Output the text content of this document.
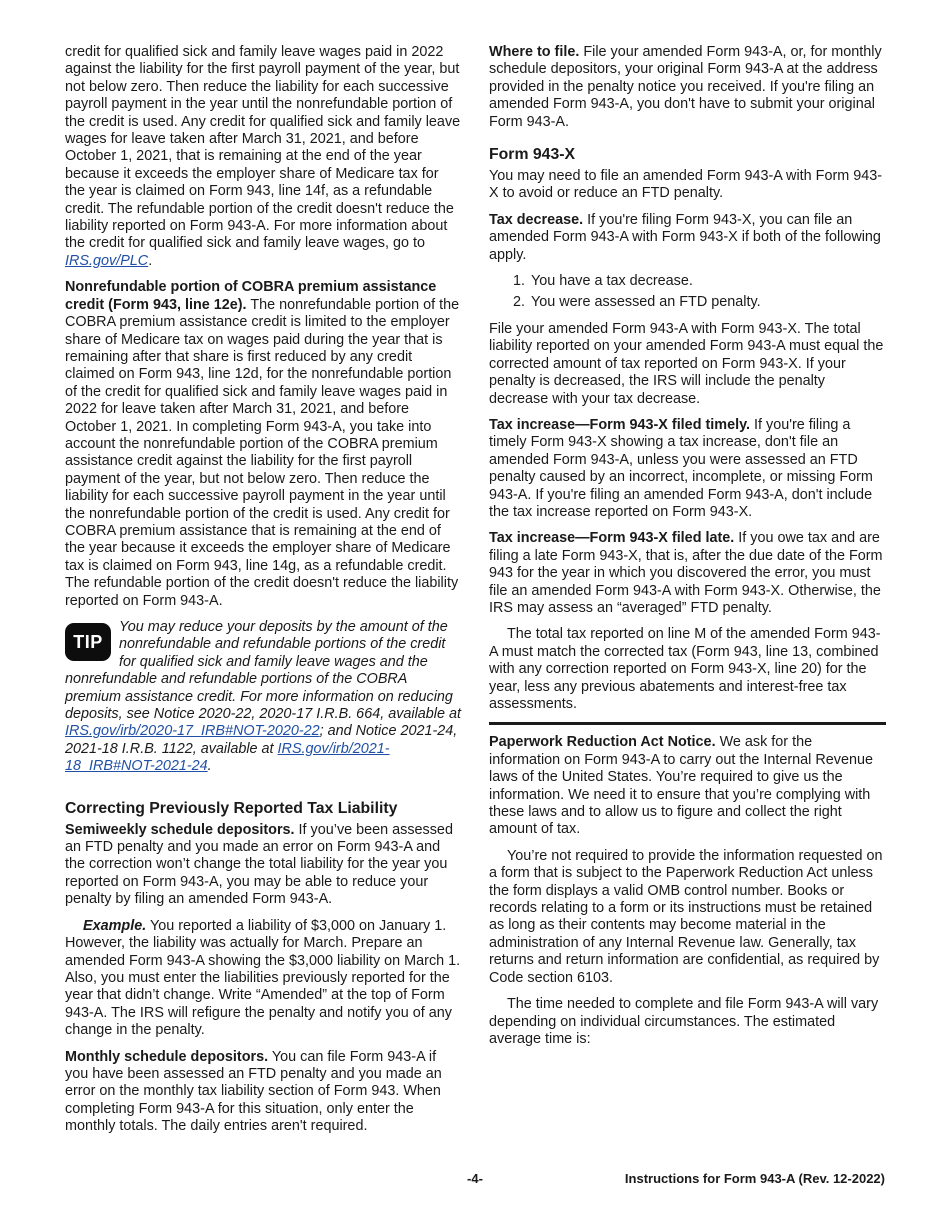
credit for qualified sick and family leave wages paid in 2022 against the liability for the first payroll payment of the year, but not below zero. Then reduce the liability for each successive payroll payment in the year until the nonrefundable portion of the credit is used. Any credit for qualified sick and family leave wages for leave taken after March 31, 2021, and before October 1, 2021, that is remaining at the end of the year because it exceeds the employer share of Medicare tax for the year is claimed on Form 943, line 14f, as a refundable credit. The refundable portion of the credit doesn't reduce the liability reported on Form 943-A. For more information about the credit for qualified sick and family leave wages, go to IRS.gov/PLC.

Nonrefundable portion of COBRA premium assistance credit (Form 943, line 12e). The nonrefundable portion of the COBRA premium assistance credit is limited to the employer share of Medicare tax on wages paid during the year that is remaining after that share is first reduced by any credit claimed on Form 943, line 12d, for the nonrefundable portion of the credit for qualified sick and family leave wages paid in 2022 for leave taken after March 31, 2021, and before October 1, 2021. In completing Form 943-A, you take into account the nonrefundable portion of the COBRA premium assistance credit against the liability for the first payroll payment of the year, but not below zero. Then reduce the liability for each successive payroll payment in the year until the nonrefundable portion of the credit is used. Any credit for COBRA premium assistance that is remaining at the end of the year because it exceeds the employer share of Medicare tax is claimed on Form 943, line 14g, as a refundable credit. The refundable portion of the credit doesn't reduce the liability reported on Form 943-A.

TIP
You may reduce your deposits by the amount of the nonrefundable and refundable portions of the credit for qualified sick and family leave wages and the nonrefundable and refundable portions of the COBRA premium assistance credit. For more information on reducing deposits, see Notice 2020-22, 2020-17 I.R.B. 664, available at IRS.gov/irb/2020-17_IRB#NOT-2020-22; and Notice 2021-24, 2021-18 I.R.B. 1122, available at IRS.gov/irb/2021-18_IRB#NOT-2021-24.
Correcting Previously Reported Tax Liability

Semiweekly schedule depositors. If you’ve been assessed an FTD penalty and you made an error on Form 943-A and the correction won’t change the total liability for the year you reported on Form 943-A, you may be able to reduce your penalty by filing an amended Form 943-A.

Example. You reported a liability of $3,000 on January 1. However, the liability was actually for March. Prepare an amended Form 943-A showing the $3,000 liability on March 1. Also, you must enter the liabilities previously reported for the year that didn’t change. Write “Amended” at the top of Form 943-A. The IRS will refigure the penalty and notify you of any change in the penalty.

Monthly schedule depositors. You can file Form 943-A if you have been assessed an FTD penalty and you made an error on the monthly tax liability section of Form 943. When completing Form 943-A for this situation, only enter the monthly totals. The daily entries aren't required.

Where to file. File your amended Form 943-A, or, for monthly schedule depositors, your original Form 943-A at the address provided in the penalty notice you received. If you're filing an amended Form 943-A, you don't have to submit your original Form 943-A.

Form 943-X

You may need to file an amended Form 943-A with Form 943-X to avoid or reduce an FTD penalty.

Tax decrease. If you're filing Form 943-X, you can file an amended Form 943-A with Form 943-X if both of the following apply.

1. You have a tax decrease.
2. You were assessed an FTD penalty.

File your amended Form 943-A with Form 943-X. The total liability reported on your amended Form 943-A must equal the corrected amount of tax reported on Form 943-X. If your penalty is decreased, the IRS will include the penalty decrease with your tax decrease.

Tax increase—Form 943-X filed timely. If you're filing a timely Form 943-X showing a tax increase, don't file an amended Form 943-A, unless you were assessed an FTD penalty caused by an incorrect, incomplete, or missing Form 943-A. If you're filing an amended Form 943-A, don't include the tax increase reported on Form 943-X.

Tax increase—Form 943-X filed late. If you owe tax and are filing a late Form 943-X, that is, after the due date of the Form 943 for the year in which you discovered the error, you must file an amended Form 943-A with Form 943-X. Otherwise, the IRS may assess an “averaged” FTD penalty.

The total tax reported on line M of the amended Form 943-A must match the corrected tax (Form 943, line 13, combined with any correction reported on Form 943-X, line 20) for the year, less any previous abatements and interest-free tax assessments.

Paperwork Reduction Act Notice. We ask for the information on Form 943-A to carry out the Internal Revenue laws of the United States. You’re required to give us the information. We need it to ensure that you’re complying with these laws and to allow us to figure and collect the right amount of tax.

You’re not required to provide the information requested on a form that is subject to the Paperwork Reduction Act unless the form displays a valid OMB control number. Books or records relating to a form or its instructions must be retained as long as their contents may become material in the administration of any Internal Revenue law. Generally, tax returns and return information are confidential, as required by Code section 6103.

The time needed to complete and file Form 943-A will vary depending on individual circumstances. The estimated average time is:

-4-	Instructions for Form 943-A (Rev. 12-2022)
